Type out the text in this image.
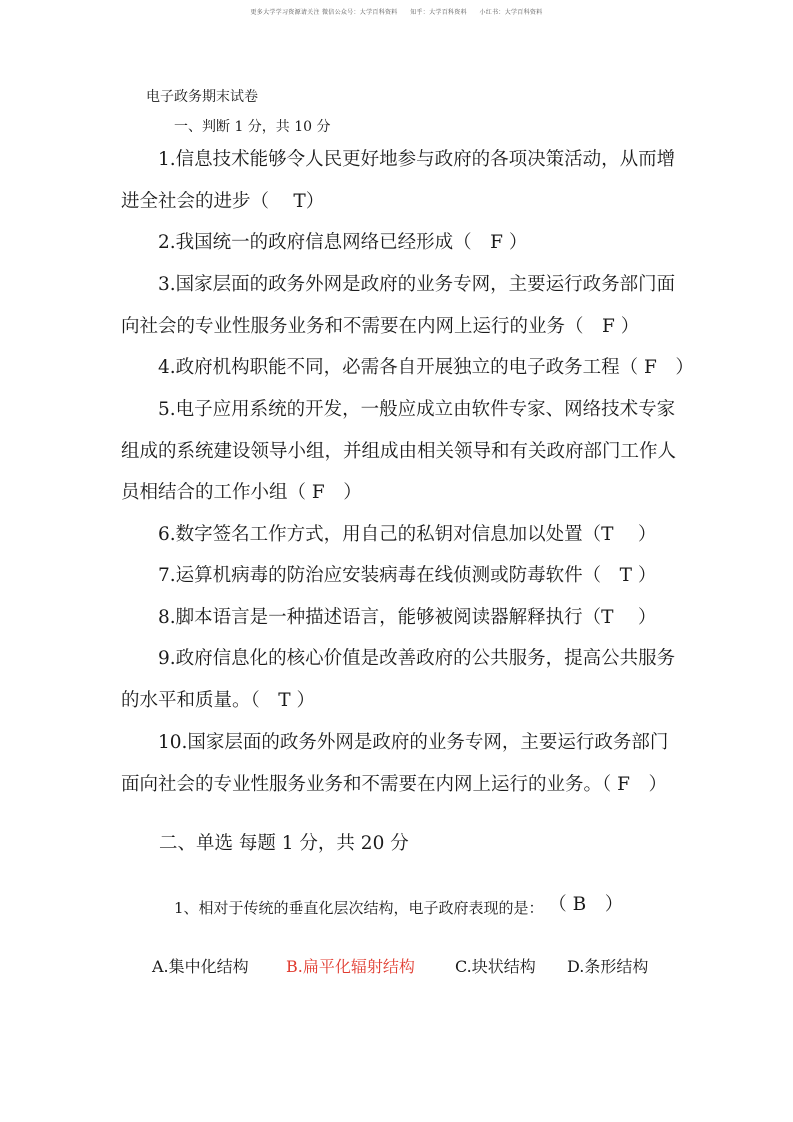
更多大学学习资源请关注 微信公众号：大学百科资料　　知乎：大学百科资料　　小红书：大学百科资料
电子政务期末试卷
一、判断 1 分，共 10 分
1.信息技术能够令人民更好地参与政府的各项决策活动，从而增
进全社会的进步（　 T）
2.我国统一的政府信息网络已经形成（　F ）
3.国家层面的政务外网是政府的业务专网，主要运行政务部门面
向社会的专业性服务业务和不需要在内网上运行的业务（　F ）
4.政府机构职能不同，必需各自开展独立的电子政务工程（ F　）
5.电子应用系统的开发，一般应成立由软件专家、网络技术专家
组成的系统建设领导小组，并组成由相关领导和有关政府部门工作人
员相结合的工作小组（ F　）
6.数字签名工作方式，用自己的私钥对信息加以处置（T　 ）
7.运算机病毒的防治应安装病毒在线侦测或防毒软件（　T ）
8.脚本语言是一种描述语言，能够被阅读器解释执行（T　 ）
9.政府信息化的核心价值是改善政府的公共服务，提高公共服务
的水平和质量。（　T ）
10.国家层面的政务外网是政府的业务专网，主要运行政务部门
面向社会的专业性服务业务和不需要在内网上运行的业务。（ F　）
二、单选 每题 1 分，共 20 分
1、相对于传统的垂直化层次结构，电子政府表现的是： （ B　）
A.集中化结构 B.扁平化辐射结构	C.块状结构 D.条形结构
